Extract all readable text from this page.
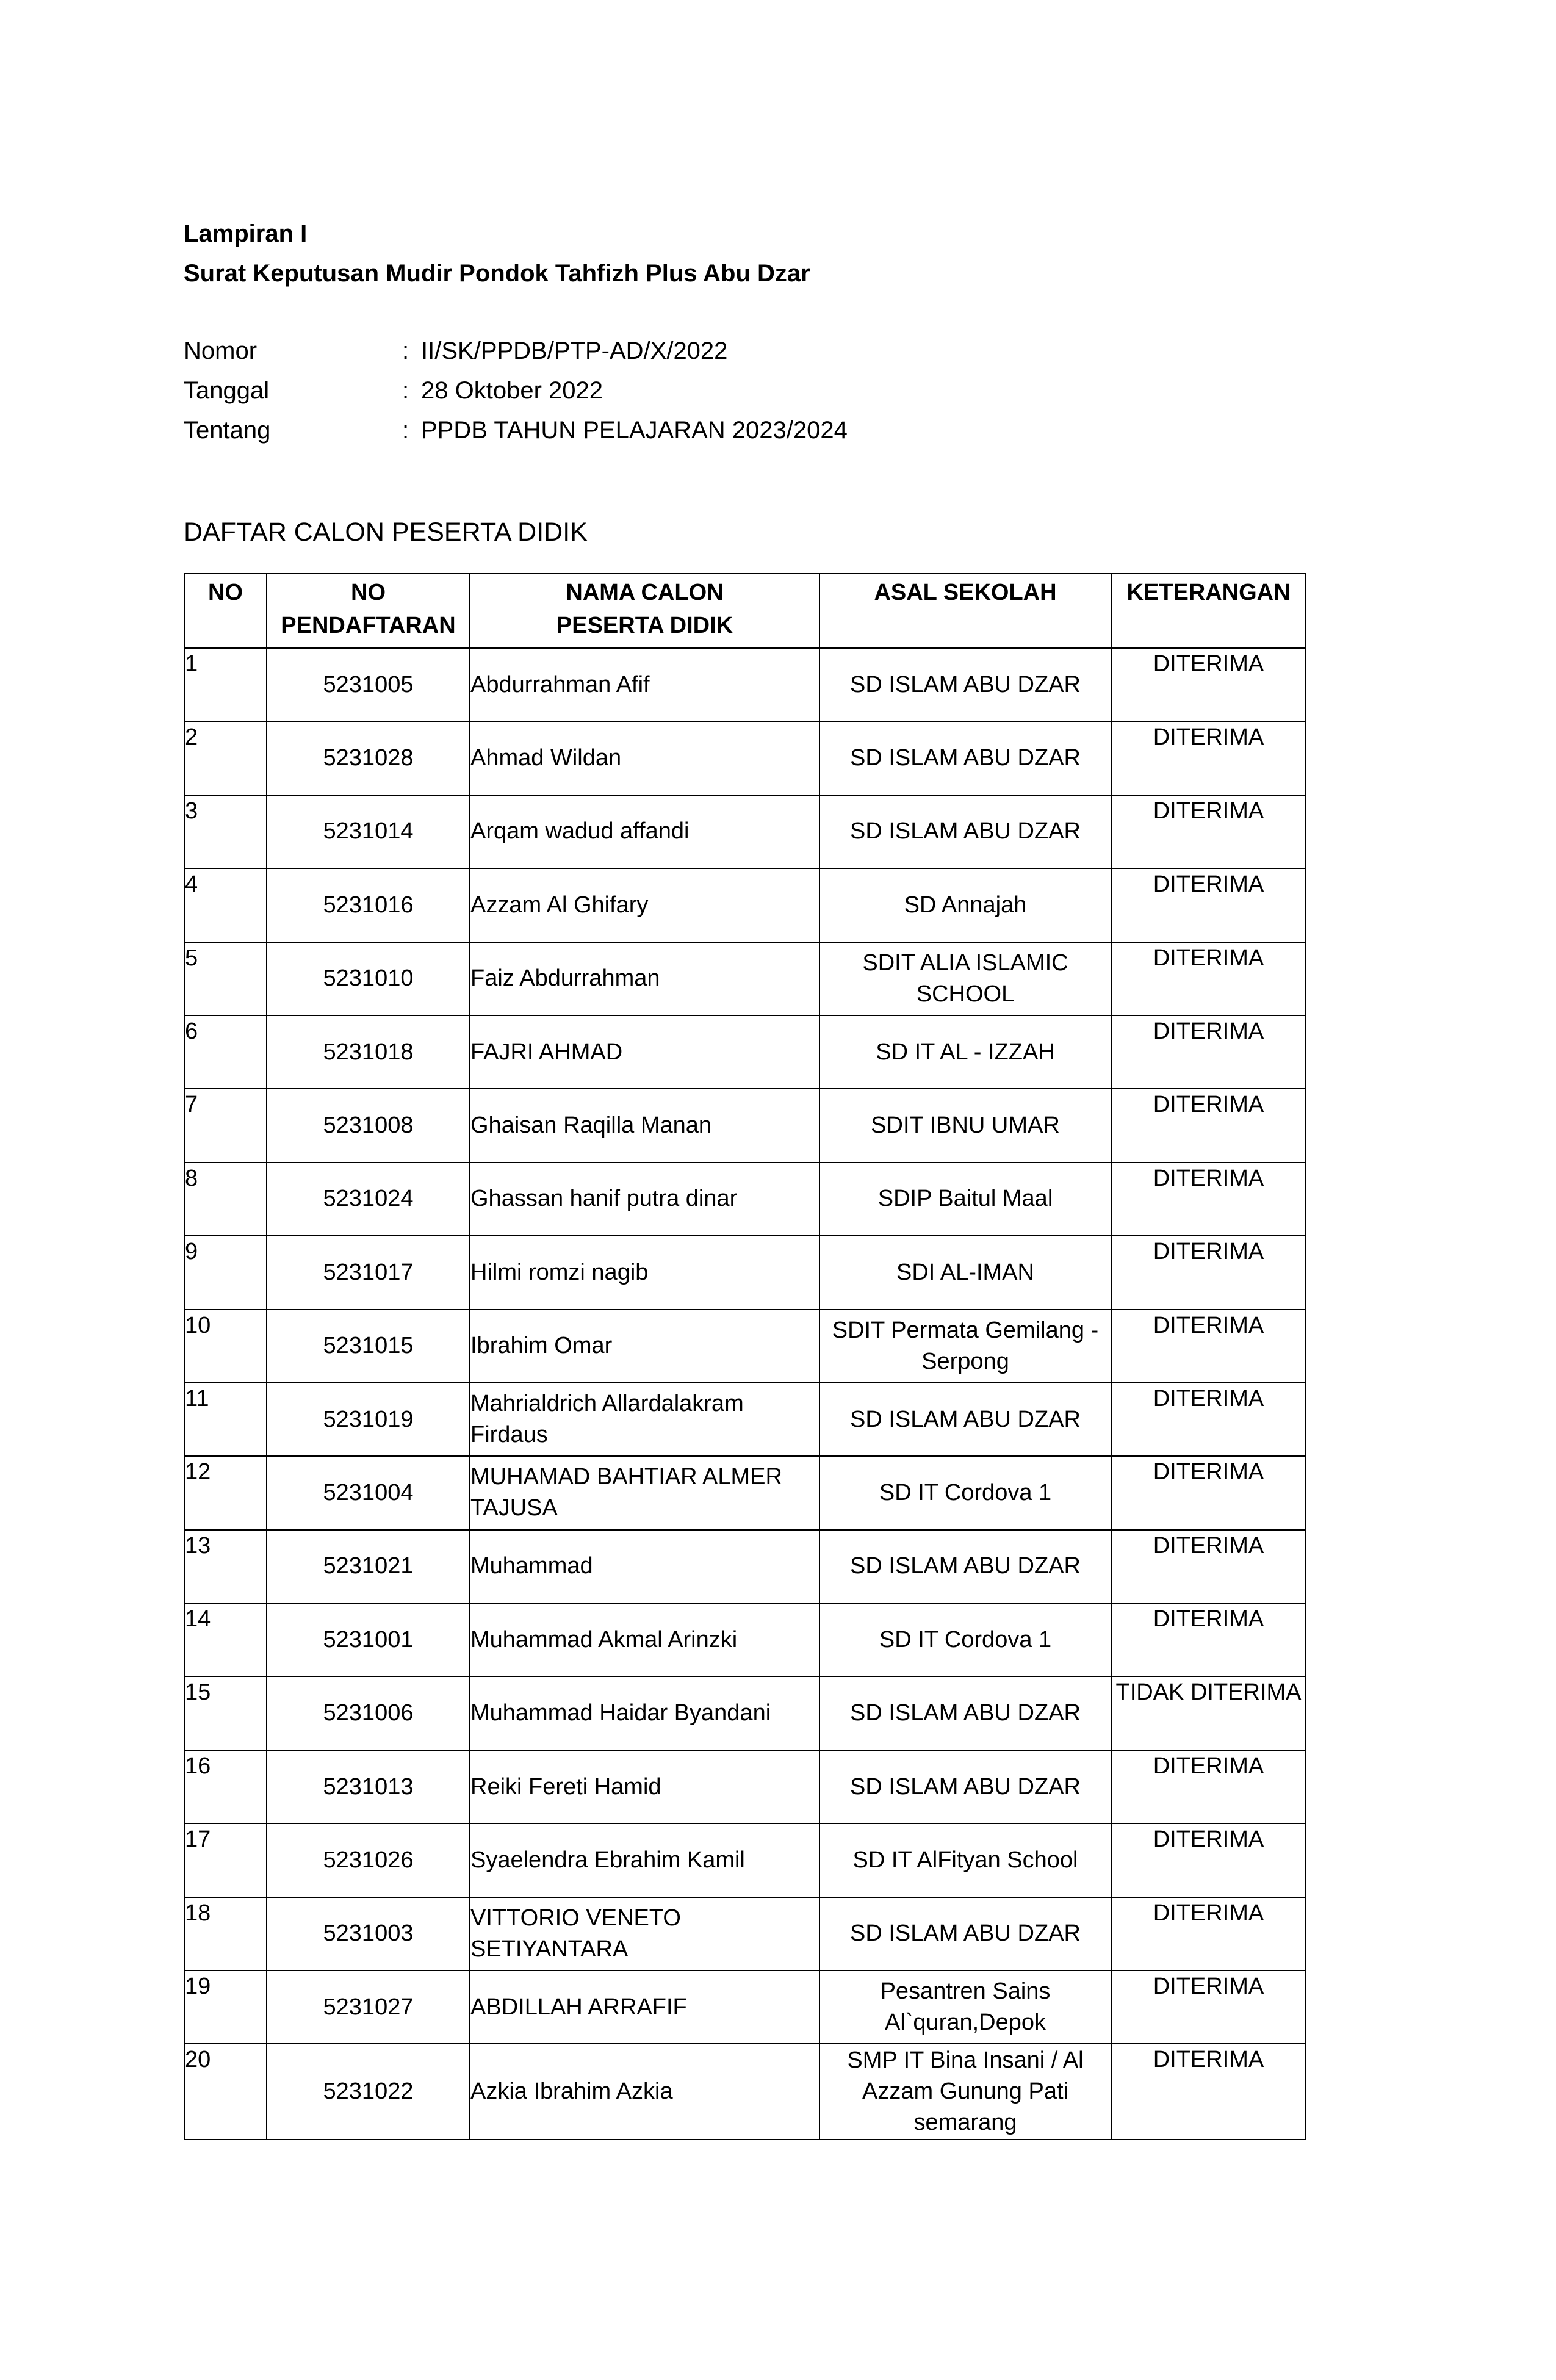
Lampiran I
Surat Keputusan Mudir Pondok Tahfizh Plus Abu Dzar
Nomor	: II/SK/PPDB/PTP-AD/X/2022
Tanggal	: 28 Oktober 2022
Tentang	: PPDB TAHUN PELAJARAN 2023/2024
DAFTAR CALON PESERTA DIDIK
NO	NO PENDAFTARAN	NAMA CALON PESERTA DIDIK	ASAL SEKOLAH	KETERANGAN
1	5231005	Abdurrahman Afif	SD ISLAM ABU DZAR	DITERIMA
2	5231028	Ahmad Wildan	SD ISLAM ABU DZAR	DITERIMA
3	5231014	Arqam wadud affandi	SD ISLAM ABU DZAR	DITERIMA
4	5231016	Azzam Al Ghifary	SD Annajah	DITERIMA
5	5231010	Faiz Abdurrahman	SDIT ALIA ISLAMIC SCHOOL	DITERIMA
6	5231018	FAJRI AHMAD	SD IT AL - IZZAH	DITERIMA
7	5231008	Ghaisan Raqilla Manan	SDIT IBNU UMAR	DITERIMA
8	5231024	Ghassan hanif putra dinar	SDIP Baitul Maal	DITERIMA
9	5231017	Hilmi romzi nagib	SDI AL-IMAN	DITERIMA
10	5231015	Ibrahim Omar	SDIT Permata Gemilang - Serpong	DITERIMA
11	5231019	Mahrialdrich Allardalakram Firdaus	SD ISLAM ABU DZAR	DITERIMA
12	5231004	MUHAMAD BAHTIAR ALMER TAJUSA	SD IT Cordova 1	DITERIMA
13	5231021	Muhammad	SD ISLAM ABU DZAR	DITERIMA
14	5231001	Muhammad Akmal Arinzki	SD IT Cordova 1	DITERIMA
15	5231006	Muhammad Haidar Byandani	SD ISLAM ABU DZAR	TIDAK DITERIMA
16	5231013	Reiki Fereti Hamid	SD ISLAM ABU DZAR	DITERIMA
17	5231026	Syaelendra Ebrahim Kamil	SD IT AlFityan School	DITERIMA
18	5231003	VITTORIO VENETO SETIYANTARA	SD ISLAM ABU DZAR	DITERIMA
19	5231027	ABDILLAH ARRAFIF	Pesantren Sains Al`quran,Depok	DITERIMA
20	5231022	Azkia Ibrahim Azkia	SMP IT Bina Insani / Al Azzam Gunung Pati semarang	DITERIMA
